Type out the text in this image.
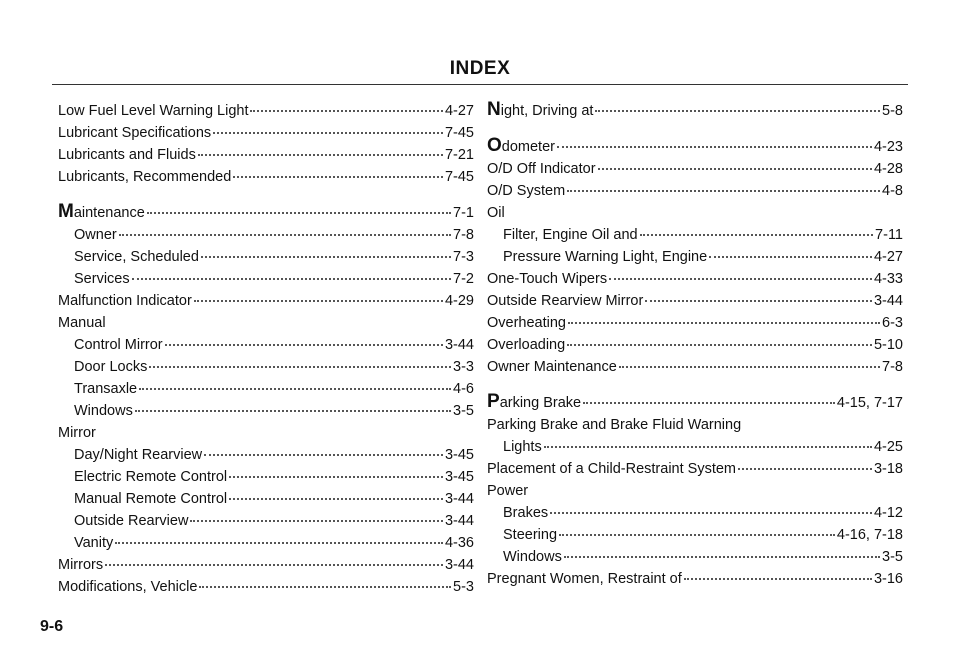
INDEX
Low Fuel Level Warning Light	4-27
Lubricant Specifications	7-45
Lubricants and Fluids	7-21
Lubricants, Recommended	7-45
Maintenance	7-1
Owner	7-8
Service, Scheduled	7-3
Services	7-2
Malfunction Indicator	4-29
Manual
Control Mirror	3-44
Door Locks	3-3
Transaxle	4-6
Windows	3-5
Mirror
Day/Night Rearview	3-45
Electric Remote Control	3-45
Manual Remote Control	3-44
Outside Rearview	3-44
Vanity	4-36
Mirrors	3-44
Modifications, Vehicle	5-3
Night, Driving at	5-8
Odometer	4-23
O/D Off Indicator	4-28
O/D System	4-8
Oil
Filter, Engine Oil and	7-11
Pressure Warning Light, Engine	4-27
One-Touch Wipers	4-33
Outside Rearview Mirror	3-44
Overheating	6-3
Overloading	5-10
Owner Maintenance	7-8
Parking Brake	4-15, 7-17
Parking Brake and Brake Fluid Warning
Lights	4-25
Placement of a Child-Restraint System	3-18
Power
Brakes	4-12
Steering	4-16, 7-18
Windows	3-5
Pregnant Women, Restraint of	3-16
9-6
